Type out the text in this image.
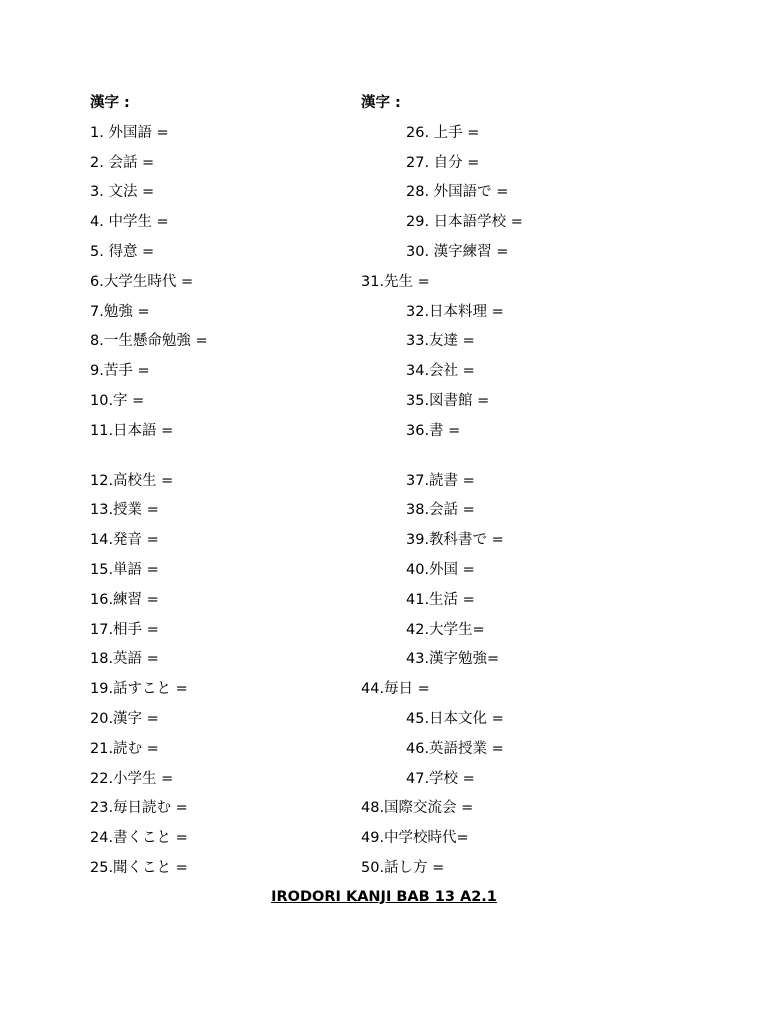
漢字 :
1. 外国語 =
2. 会話 =
3. 文法 =
4. 中学生 =
5. 得意 =
6.大学生時代 =
7.勉強 =
8.一生懸命勉強 =
9.苦手 =
10.字 =
11.日本語 =
12.高校生 =
13.授業 =
14.発音 =
15.単語 =
16.練習 =
17.相手 =
18.英語 =
19.話すこと =
20.漢字 =
21.読む =
22.小学生 =
23.毎日読む =
24.書くこと =
25.聞くこと =
漢字 :
26. 上手 =
27. 自分 =
28. 外国語で =
29. 日本語学校 =
30. 漢字練習 =
31.先生 =
32.日本料理 =
33.友達 =
34.会社 =
35.図書館 =
36.書 =
37.読書 =
38.会話 =
39.教科書で =
40.外国 =
41.生活 =
42.大学生=
43.漢字勉強=
44.毎日 =
45.日本文化 =
46.英語授業 =
47.学校 =
48.国際交流会 =
49.中学校時代=
50.話し方 =
IRODORI KANJI BAB 13 A2.1
